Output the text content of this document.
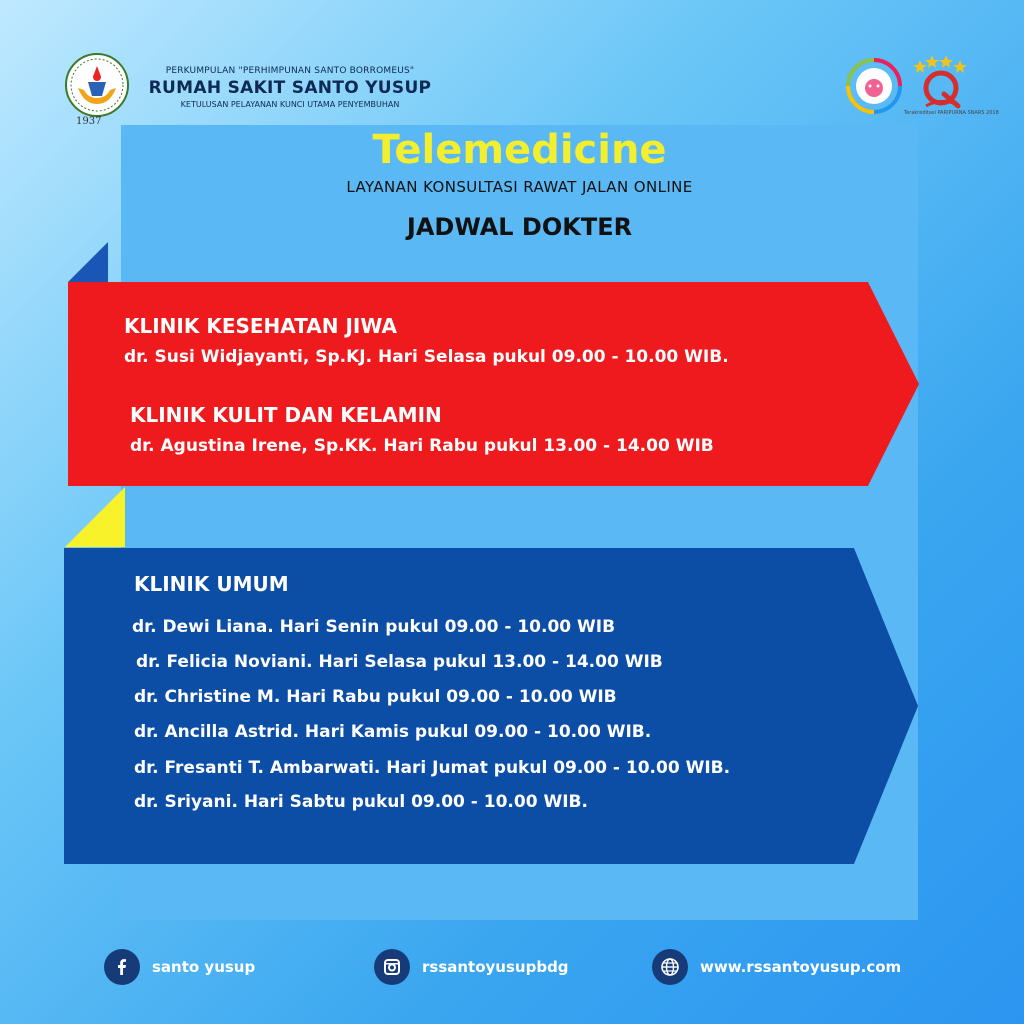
1937
PERKUMPULAN "PERHIMPUNAN SANTO BORROMEUS"
RUMAH SAKIT SANTO YUSUP
KETULUSAN PELAYANAN KUNCI UTAMA PENYEMBUHAN
Terakreditasi PARIPURNA SNARS 2018
Telemedicine
LAYANAN KONSULTASI RAWAT JALAN ONLINE
JADWAL DOKTER
KLINIK KESEHATAN JIWA
dr. Susi Widjayanti, Sp.KJ. Hari Selasa pukul 09.00 - 10.00 WIB.
KLINIK KULIT DAN KELAMIN
dr. Agustina Irene, Sp.KK. Hari Rabu pukul 13.00 - 14.00 WIB
KLINIK UMUM
dr. Dewi Liana. Hari Senin pukul 09.00 - 10.00 WIB
dr. Felicia Noviani. Hari Selasa pukul 13.00 - 14.00 WIB
dr. Christine M. Hari Rabu pukul 09.00 - 10.00 WIB
dr. Ancilla Astrid. Hari Kamis pukul 09.00 - 10.00 WIB.
dr. Fresanti T. Ambarwati. Hari Jumat pukul 09.00 - 10.00 WIB.
dr. Sriyani. Hari Sabtu pukul 09.00 - 10.00 WIB.
santo yusup	rssantoyusupbdg	www.rssantoyusup.com
